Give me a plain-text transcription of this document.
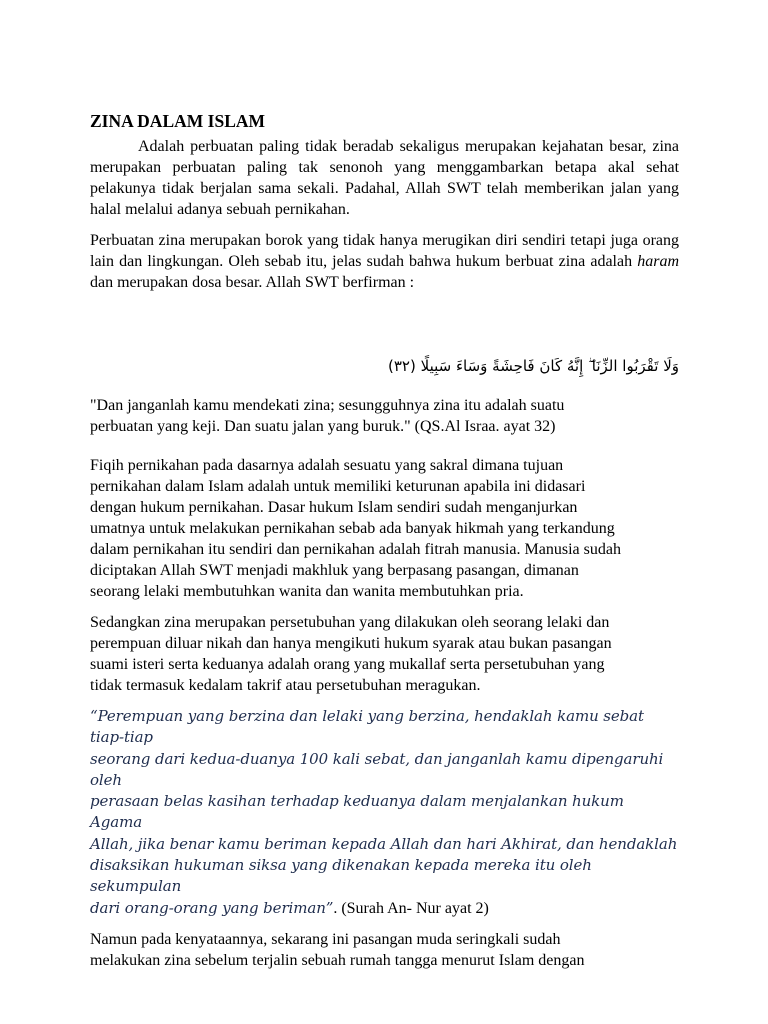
ZINA DALAM ISLAM

Adalah perbuatan paling tidak beradab sekaligus merupakan kejahatan besar, zina merupakan perbuatan paling tak senonoh yang menggambarkan betapa akal sehat pelakunya tidak berjalan sama sekali. Padahal, Allah SWT telah memberikan jalan yang halal melalui adanya sebuah pernikahan.

Perbuatan zina merupakan borok yang tidak hanya merugikan diri sendiri tetapi juga orang lain dan lingkungan. Oleh sebab itu, jelas sudah bahwa hukum berbuat zina adalah haram dan merupakan dosa besar. Allah SWT berfirman :

وَلَا تَقْرَبُوا الزِّنَا ۖ إِنَّهُ كَانَ فَاحِشَةً وَسَاءَ سَبِيلًا (٣٢)

"Dan janganlah kamu mendekati zina; sesungguhnya zina itu adalah suatu
perbuatan yang keji. Dan suatu jalan yang buruk." (QS.Al Israa. ayat 32)

Fiqih pernikahan pada dasarnya adalah sesuatu yang sakral dimana tujuan
pernikahan dalam Islam adalah untuk memiliki keturunan apabila ini didasari
dengan hukum pernikahan. Dasar hukum Islam sendiri sudah menganjurkan
umatnya untuk melakukan pernikahan sebab ada banyak hikmah yang terkandung
dalam pernikahan itu sendiri dan pernikahan adalah fitrah manusia. Manusia sudah
diciptakan Allah SWT menjadi makhluk yang berpasang pasangan, dimanan
seorang lelaki membutuhkan wanita dan wanita membutuhkan pria.

Sedangkan zina merupakan persetubuhan yang dilakukan oleh seorang lelaki dan
perempuan diluar nikah dan hanya mengikuti hukum syarak atau bukan pasangan
suami isteri serta keduanya adalah orang yang mukallaf serta persetubuhan yang
tidak termasuk kedalam takrif atau persetubuhan meragukan.

“Perempuan yang berzina dan lelaki yang berzina, hendaklah kamu sebat tiap-tiap
seorang dari kedua-duanya 100 kali sebat, dan janganlah kamu dipengaruhi oleh
perasaan belas kasihan terhadap keduanya dalam menjalankan hukum Agama
Allah, jika benar kamu beriman kepada Allah dan hari Akhirat, dan hendaklah
disaksikan hukuman siksa yang dikenakan kepada mereka itu oleh sekumpulan
dari orang-orang yang beriman”. (Surah An- Nur ayat 2)

Namun pada kenyataannya, sekarang ini pasangan muda seringkali sudah
melakukan zina sebelum terjalin sebuah rumah tangga menurut Islam dengan
